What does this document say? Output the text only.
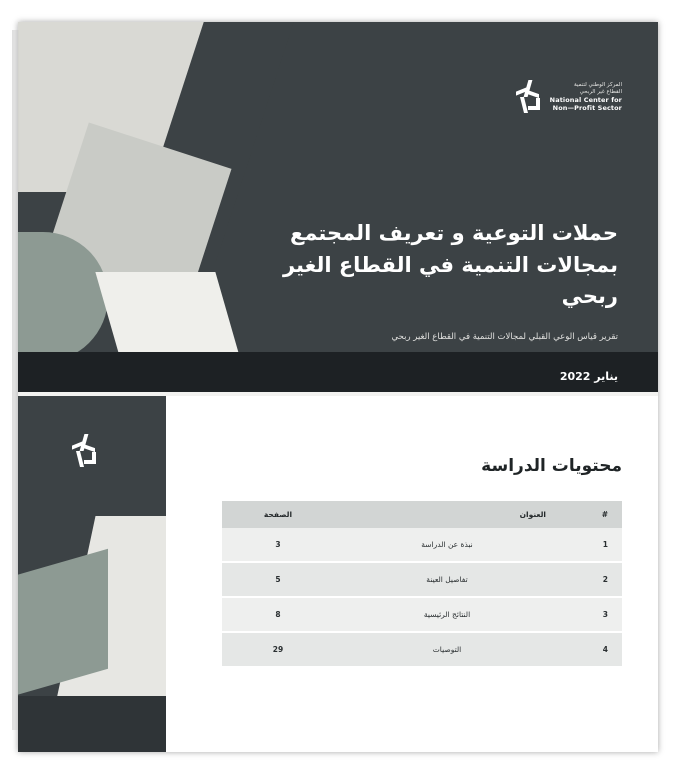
المركز الوطني لتنمية
القطاع غير الربحي
National Center for
Non—Profit Sector
حملات التوعية و تعريف المجتمع
بمجالات التنمية في القطاع الغير ربحي
تقرير قياس الوعي القبلي لمجالات التنمية في القطاع الغير ربحي
يناير 2022
محتويات الدراسة
#	العنوان	الصفحة
1	نبذة عن الدراسة	3
2	تفاصيل العينة	5
3	النتائج الرئيسية	8
4	التوصيات	29
